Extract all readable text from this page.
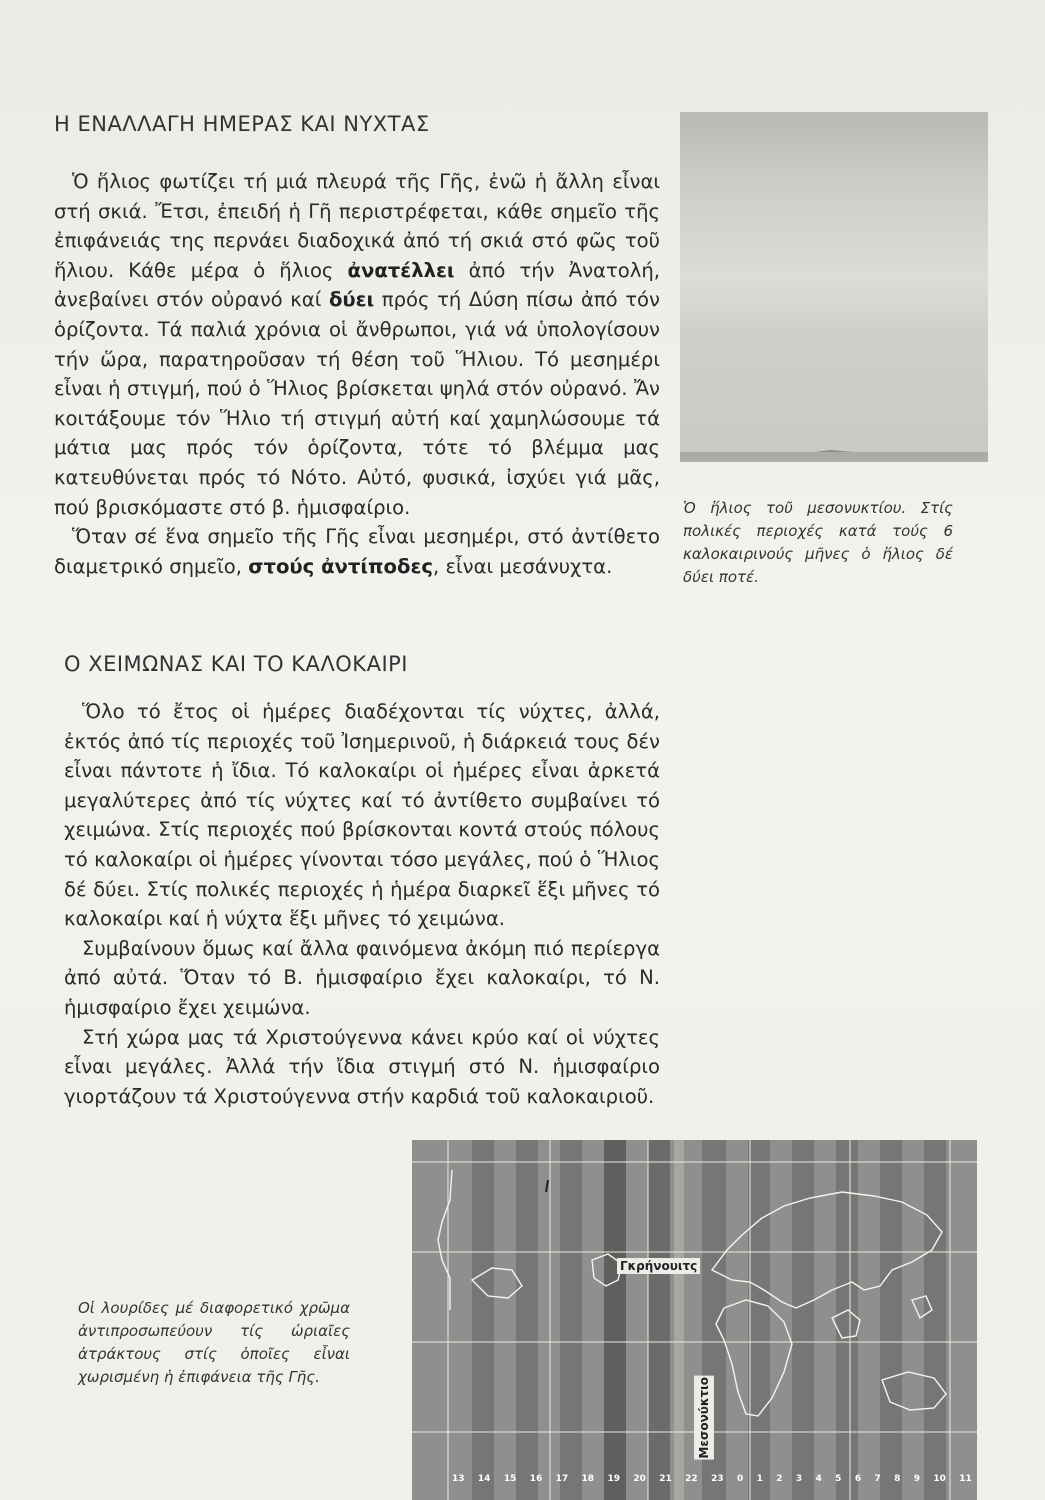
Η ΕΝΑΛΛΑΓΗ ΗΜΕΡΑΣ ΚΑΙ ΝΥΧΤΑΣ

Ὁ ἥλιος φωτίζει τή μιά πλευρά τῆς Γῆς, ἐνῶ ἡ ἄλλη εἶναι στή σκιά. Ἔτσι, ἐπειδή ἡ Γῆ περιστρέφεται, κάθε σημεῖο τῆς ἐπιφάνειάς της περνάει διαδοχικά ἀπό τή σκιά στό φῶς τοῦ ἥλιου. Κάθε μέρα ὁ ἥλιος ἀνατέλλει ἀπό τήν Ἀνατολή, ἀνεβαίνει στόν οὐρανό καί δύει πρός τή Δύση πίσω ἀπό τόν ὁρίζοντα. Τά παλιά χρόνια οἱ ἄνθρωποι, γιά νά ὑπολογίσουν τήν ὥρα, παρατηροῦσαν τή θέση τοῦ Ἥλιου. Τό μεσημέρι εἶναι ἡ στιγμή, πού ὁ Ἥλιος βρίσκεται ψηλά στόν οὐρανό. Ἄν κοιτάξουμε τόν Ἥλιο τή στιγμή αὐτή καί χαμηλώσουμε τά μάτια μας πρός τόν ὁρίζοντα, τότε τό βλέμμα μας κατευθύνεται πρός τό Νότο. Αὐτό, φυσικά, ἰσχύει γιά μᾶς, πού βρισκόμαστε στό β. ἡμισφαίριο.

Ὅταν σέ ἕνα σημεῖο τῆς Γῆς εἶναι μεσημέρι, στό ἀντίθετο διαμετρικό σημεῖο, στούς ἀντίποδες, εἶναι μεσάνυχτα.

Ὁ ἥλιος τοῦ μεσονυκτίου. Στίς πολικές περιοχές κατά τούς 6 καλοκαιρινούς μῆνες ὁ ἥλιος δέ δύει ποτέ.
Ο ΧΕΙΜΩΝΑΣ ΚΑΙ ΤΟ ΚΑΛΟΚΑΙΡΙ

Ὅλο τό ἔτος οἱ ἡμέρες διαδέχονται τίς νύχτες, ἀλλά, ἐκτός ἀπό τίς περιοχές τοῦ Ἰσημερινοῦ, ἡ διάρκειά τους δέν εἶναι πάντοτε ἡ ἴδια. Τό καλοκαίρι οἱ ἡμέρες εἶναι ἀρκετά μεγαλύτερες ἀπό τίς νύχτες καί τό ἀντίθετο συμβαίνει τό χειμώνα. Στίς περιοχές πού βρίσκονται κοντά στούς πόλους τό καλοκαίρι οἱ ἡμέρες γίνονται τόσο μεγάλες, πού ὁ Ἥλιος δέ δύει. Στίς πολικές περιοχές ἡ ἡμέρα διαρκεῖ ἕξι μῆνες τό καλοκαίρι καί ἡ νύχτα ἕξι μῆνες τό χειμώνα.

Συμβαίνουν ὅμως καί ἄλλα φαινόμενα ἀκόμη πιό περίεργα ἀπό αὐτά. Ὅταν τό Β. ἡμισφαίριο ἔχει καλοκαίρι, τό Ν. ἡμισφαίριο ἔχει χειμώνα.

Στή χώρα μας τά Χριστούγεννα κάνει κρύο καί οἱ νύχτες εἶναι μεγάλες. Ἀλλά τήν ἴδια στιγμή στό Ν. ἡμισφαίριο γιορτάζουν τά Χριστούγεννα στήν καρδιά τοῦ καλοκαιριοῦ.

Οἱ λουρίδες μέ διαφορετικό χρῶμα ἀντιπροσωπεύουν τίς ὡριαῖες ἀτράκτους στίς ὁποῖες εἶναι χωρισμένη ἡ ἐπιφάνεια τῆς Γῆς.
Γκρήνουιτς
Μεσονύκτιο
13 14 15 16 17 18 19 20 21 22 23 0 1 2 3 4 5 6 7 8 9 10 11
